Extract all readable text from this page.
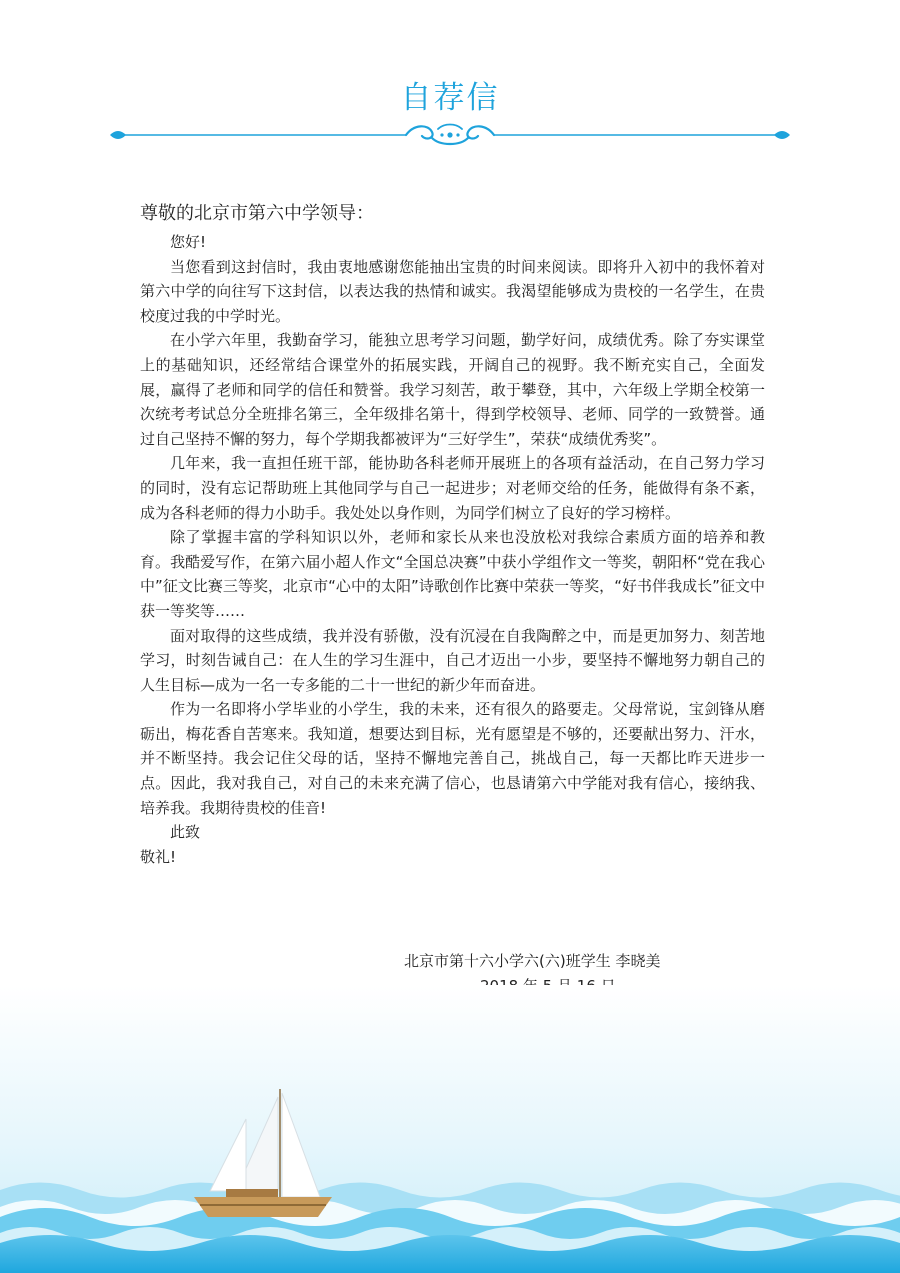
自荐信

尊敬的北京市第六中学领导：

您好!

当您看到这封信时，我由衷地感谢您能抽出宝贵的时间来阅读。即将升入初中的我怀着对第六中学的向往写下这封信，以表达我的热情和诚实。我渴望能够成为贵校的一名学生，在贵校度过我的中学时光。

在小学六年里，我勤奋学习，能独立思考学习问题，勤学好问，成绩优秀。除了夯实课堂上的基础知识，还经常结合课堂外的拓展实践，开阔自己的视野。我不断充实自己，全面发展，赢得了老师和同学的信任和赞誉。我学习刻苦，敢于攀登，其中，六年级上学期全校第一次统考考试总分全班排名第三，全年级排名第十，得到学校领导、老师、同学的一致赞誉。通过自己坚持不懈的努力，每个学期我都被评为“三好学生”，荣获“成绩优秀奖”。

几年来，我一直担任班干部，能协助各科老师开展班上的各项有益活动，在自己努力学习的同时，没有忘记帮助班上其他同学与自己一起进步；对老师交给的任务，能做得有条不紊，成为各科老师的得力小助手。我处处以身作则，为同学们树立了良好的学习榜样。

除了掌握丰富的学科知识以外，老师和家长从来也没放松对我综合素质方面的培养和教育。我酷爱写作，在第六届小超人作文“全国总决赛”中获小学组作文一等奖，朝阳杯“党在我心中”征文比赛三等奖，北京市“心中的太阳”诗歌创作比赛中荣获一等奖，“好书伴我成长”征文中获一等奖等……

面对取得的这些成绩，我并没有骄傲，没有沉浸在自我陶醉之中，而是更加努力、刻苦地学习，时刻告诫自己：在人生的学习生涯中，自己才迈出一小步，要坚持不懈地努力朝自己的人生目标—成为一名一专多能的二十一世纪的新少年而奋进。

作为一名即将小学毕业的小学生，我的未来，还有很久的路要走。父母常说，宝剑锋从磨砺出，梅花香自苦寒来。我知道，想要达到目标，光有愿望是不够的，还要献出努力、汗水，并不断坚持。我会记住父母的话，坚持不懈地完善自己，挑战自己，每一天都比昨天进步一点。因此，我对我自己，对自己的未来充满了信心，也恳请第六中学能对我有信心，接纳我、培养我。我期待贵校的佳音!

此致

敬礼!

北京市第十六小学六(六)班学生 李晓美
